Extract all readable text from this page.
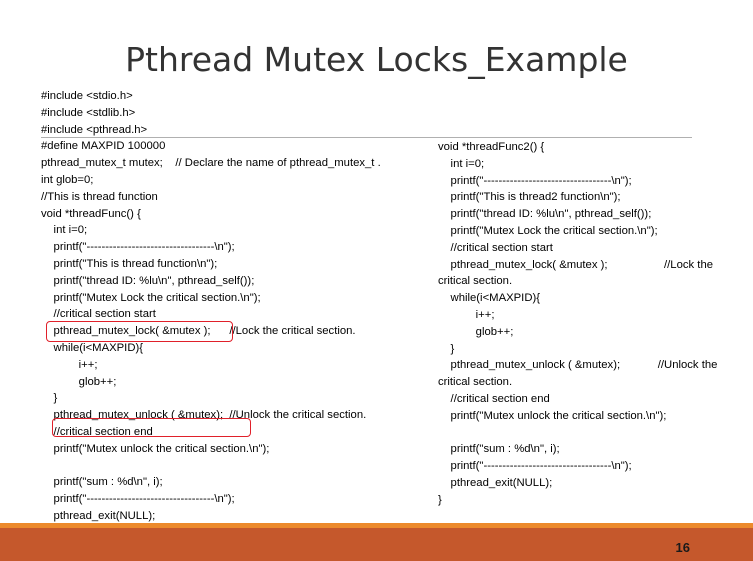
Pthread Mutex Locks_Example
#include <stdio.h>
#include <stdlib.h>
#include <pthread.h>
#define MAXPID 100000
pthread_mutex_t mutex;    // Declare the name of pthread_mutex_t .
int glob=0;
//This is thread function
void *threadFunc() {
int i=0;
printf("----------------------------------\n");
printf("This is thread function\n");
printf("thread ID: %lu\n", pthread_self());
printf("Mutex Lock the critical section.\n");
//critical section start
pthread_mutex_lock( &mutex );      //Lock the critical section.
while(i<MAXPID){
i++;
glob++;
}
pthread_mutex_unlock ( &mutex);  //Unlock the critical section.
//critical section end
printf("Mutex unlock the critical section.\n");
printf("sum : %d\n", i);
printf("----------------------------------\n");
pthread_exit(NULL);
void *threadFunc2() {
int i=0;
printf("----------------------------------\n");
printf("This is thread2 function\n");
printf("thread ID: %lu\n", pthread_self());
printf("Mutex Lock the critical section.\n");
//critical section start
pthread_mutex_lock( &mutex );                  //Lock the
critical section.
while(i<MAXPID){
i++;
glob++;
}
pthread_mutex_unlock ( &mutex);            //Unlock the
critical section.
//critical section end
printf("Mutex unlock the critical section.\n");
printf("sum : %d\n", i);
printf("----------------------------------\n");
pthread_exit(NULL);
}
16
